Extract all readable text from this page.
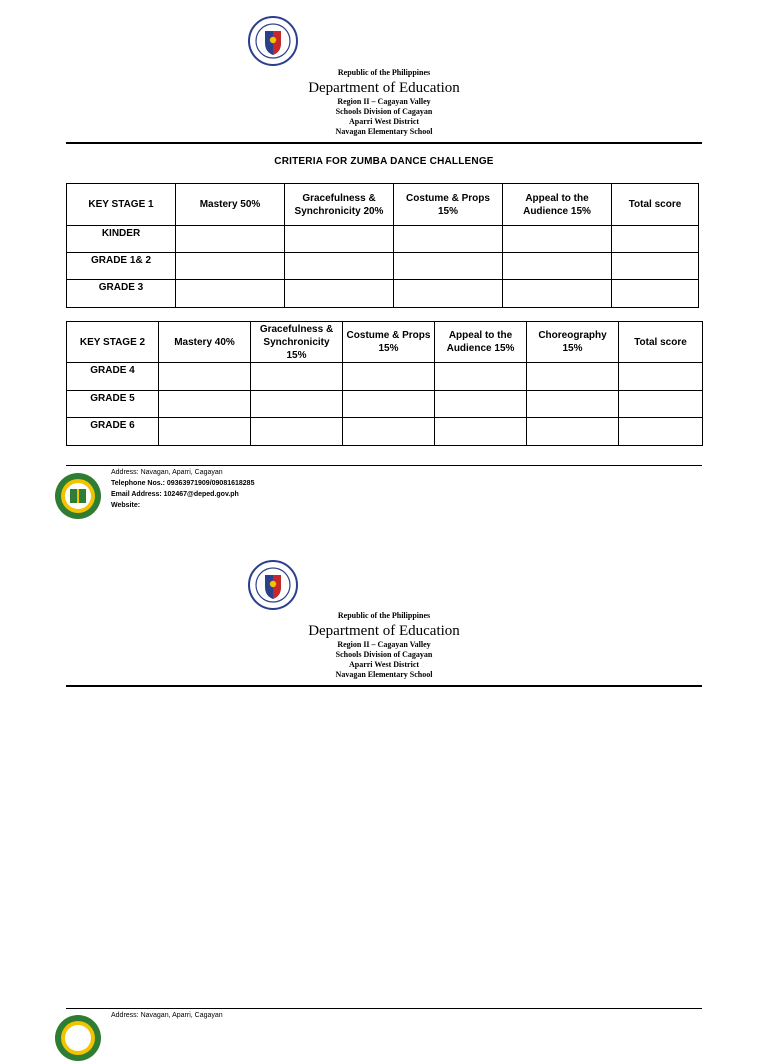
Republic of the Philippines
Department of Education
Region II – Cagayan Valley
Schools Division of Cagayan
Aparri West District
Navagan Elementary School
CRITERIA FOR ZUMBA DANCE CHALLENGE
KEY STAGE 1	Mastery 50%	Gracefulness & Synchronicity 20%	Costume & Props 15%	Appeal to the Audience 15%	Total score
KINDER					
GRADE 1& 2					
GRADE 3					
KEY STAGE 2	Mastery 40%	Gracefulness & Synchronicity 15%	Costume & Props 15%	Appeal to the Audience 15%	Choreography 15%	Total score
GRADE 4						
GRADE 5						
GRADE 6						
Address: Navagan, Aparri, Cagayan
Telephone Nos.: 09363971909/09081618285
Email Address: 102467@deped.gov.ph
Website:
Republic of the Philippines
Department of Education
Region II – Cagayan Valley
Schools Division of Cagayan
Aparri West District
Navagan Elementary School
Address: Navagan, Aparri, Cagayan
